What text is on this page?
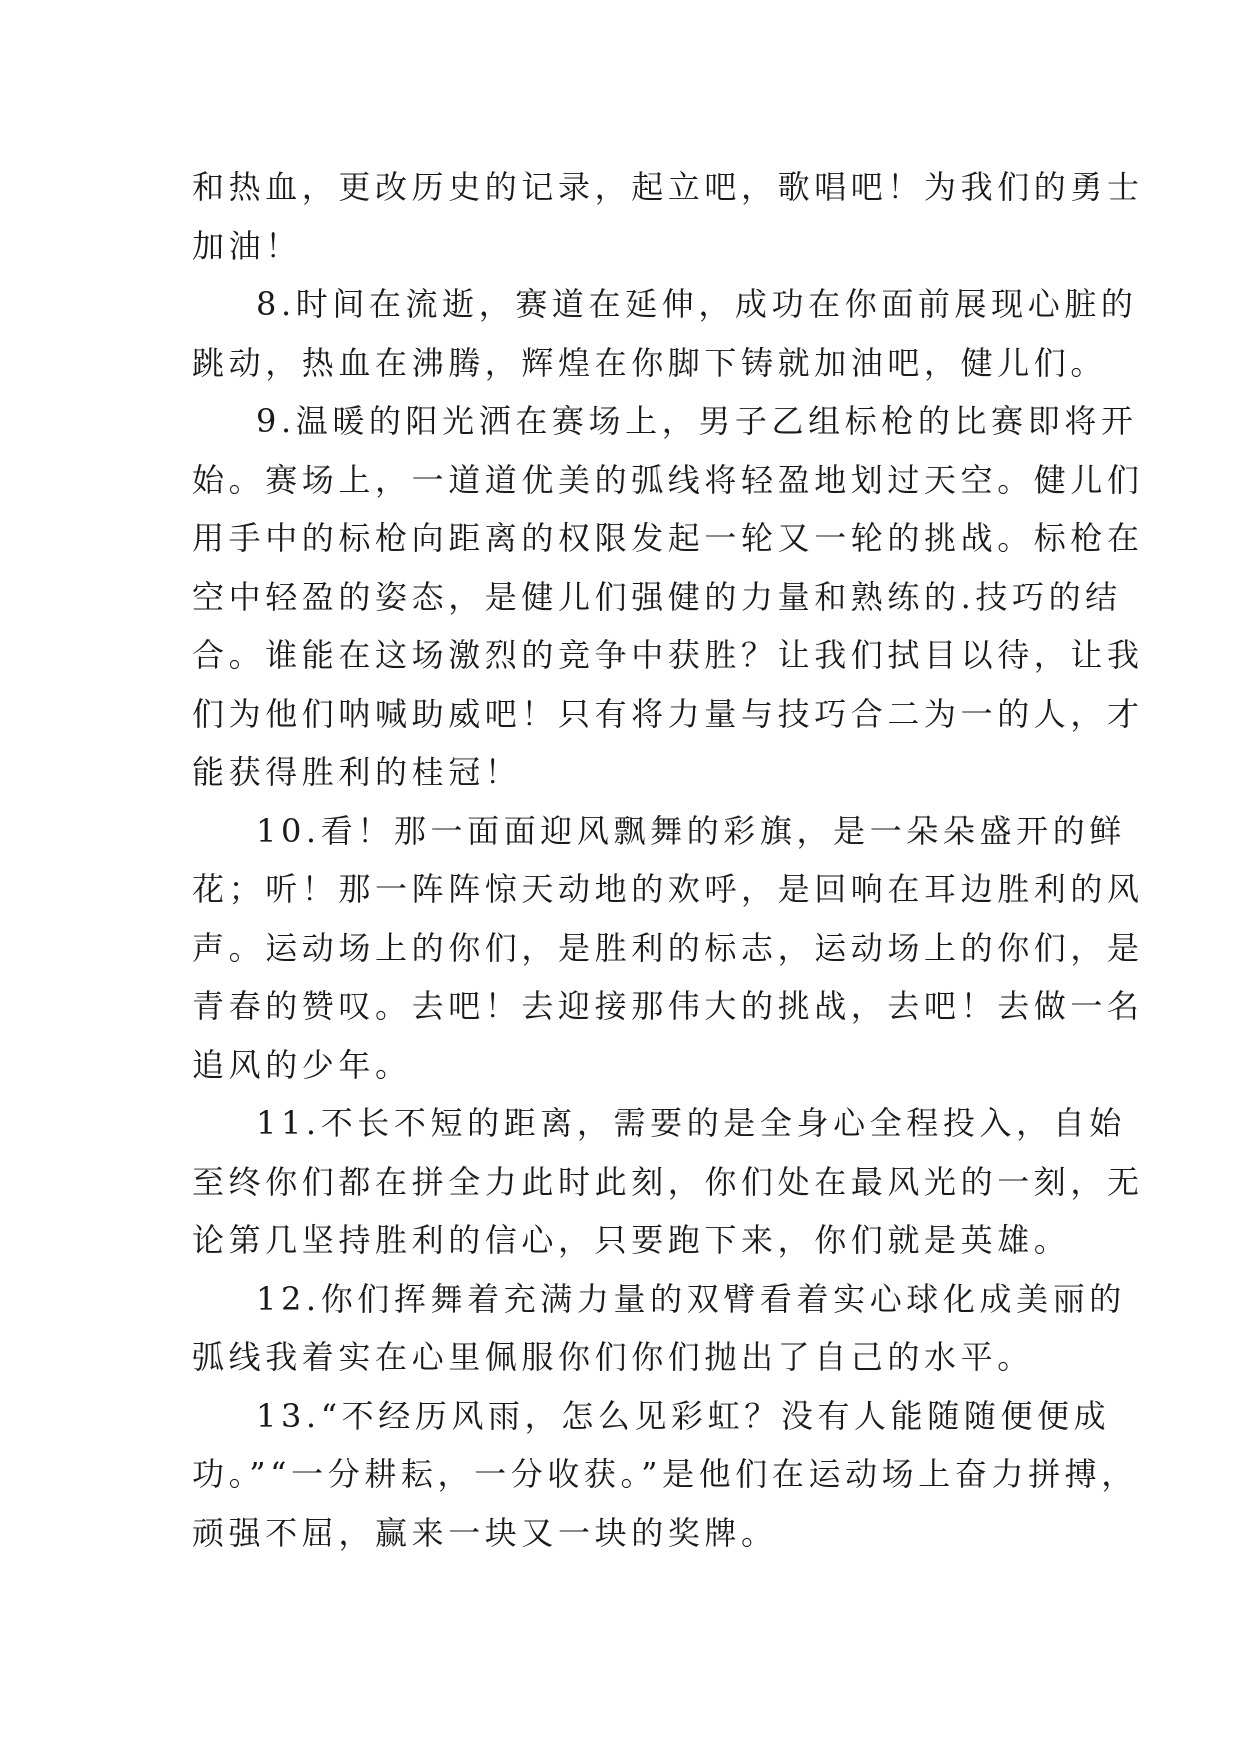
和热血，更改历史的记录，起立吧，歌唱吧！为我们的勇士
加油！
8.时间在流逝，赛道在延伸，成功在你面前展现心脏的
跳动，热血在沸腾，辉煌在你脚下铸就加油吧，健儿们。
9.温暖的阳光洒在赛场上，男子乙组标枪的比赛即将开
始。赛场上，一道道优美的弧线将轻盈地划过天空。健儿们
用手中的标枪向距离的权限发起一轮又一轮的挑战。标枪在
空中轻盈的姿态，是健儿们强健的力量和熟练的.技巧的结
合。谁能在这场激烈的竞争中获胜？让我们拭目以待，让我
们为他们呐喊助威吧！只有将力量与技巧合二为一的人，才
能获得胜利的桂冠！
10.看！那一面面迎风飘舞的彩旗，是一朵朵盛开的鲜
花；听！那一阵阵惊天动地的欢呼，是回响在耳边胜利的风
声。运动场上的你们，是胜利的标志，运动场上的你们，是
青春的赞叹。去吧！去迎接那伟大的挑战，去吧！去做一名
追风的少年。
11.不长不短的距离，需要的是全身心全程投入，自始
至终你们都在拼全力此时此刻，你们处在最风光的一刻，无
论第几坚持胜利的信心，只要跑下来，你们就是英雄。
12.你们挥舞着充满力量的双臂看着实心球化成美丽的
弧线我着实在心里佩服你们你们抛出了自己的水平。
13.“不经历风雨，怎么见彩虹？没有人能随随便便成
功。”“一分耕耘，一分收获。”是他们在运动场上奋力拼搏，
顽强不屈，赢来一块又一块的奖牌。
